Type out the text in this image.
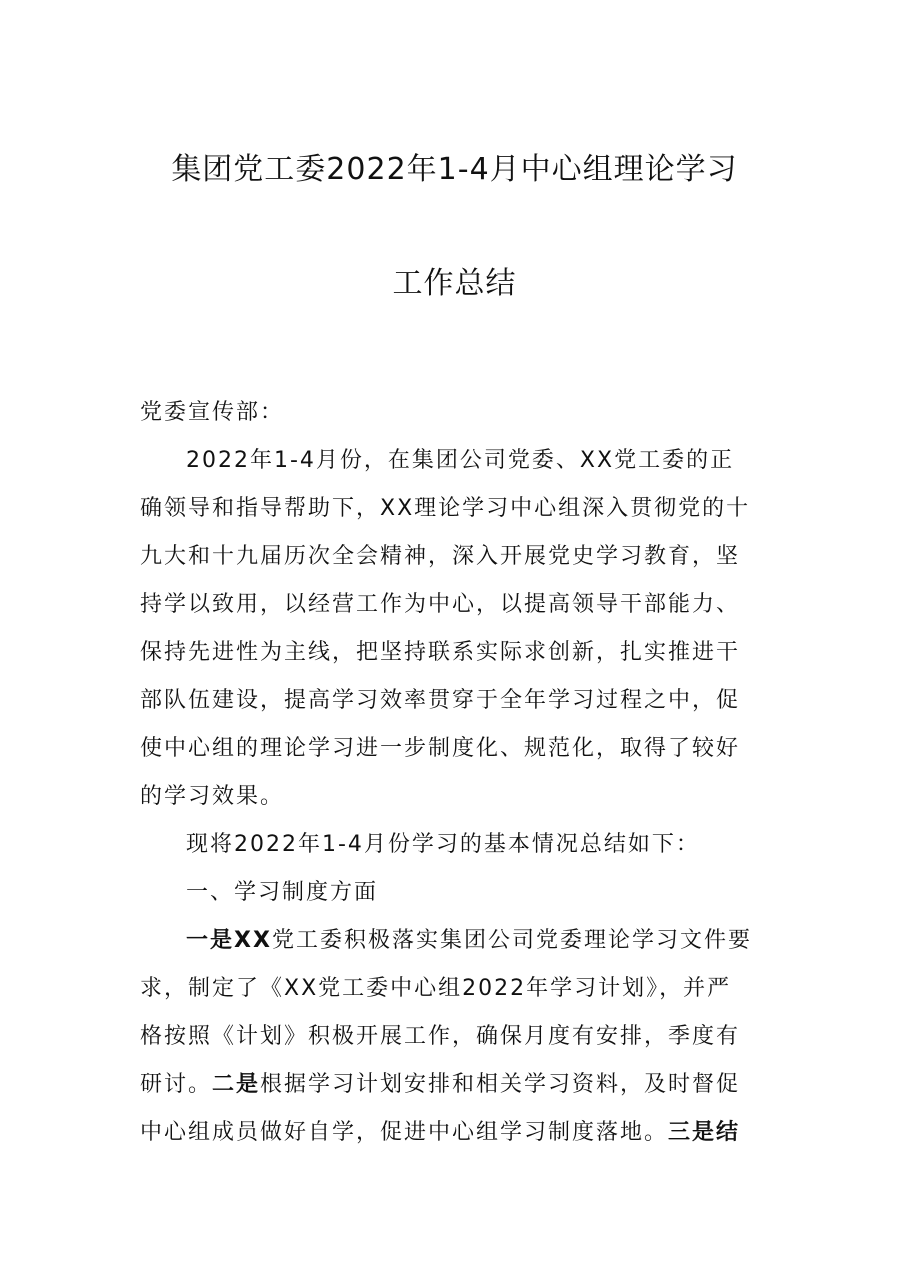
集团党工委2022年1-4月中心组理论学习
工作总结
党委宣传部：
2022年1-4月份，在集团公司党委、XX党工委的正
确领导和指导帮助下，XX理论学习中心组深入贯彻党的十
九大和十九届历次全会精神，深入开展党史学习教育，坚
持学以致用，以经营工作为中心，以提高领导干部能力、
保持先进性为主线，把坚持联系实际求创新，扎实推进干
部队伍建设，提高学习效率贯穿于全年学习过程之中，促
使中心组的理论学习进一步制度化、规范化，取得了较好
的学习效果。
现将2022年1-4月份学习的基本情况总结如下：
一、学习制度方面
一是XX党工委积极落实集团公司党委理论学习文件要
求，制定了《XX党工委中心组2022年学习计划》，并严
格按照《计划》积极开展工作，确保月度有安排，季度有
研讨。二是根据学习计划安排和相关学习资料，及时督促
中心组成员做好自学，促进中心组学习制度落地。三是结
